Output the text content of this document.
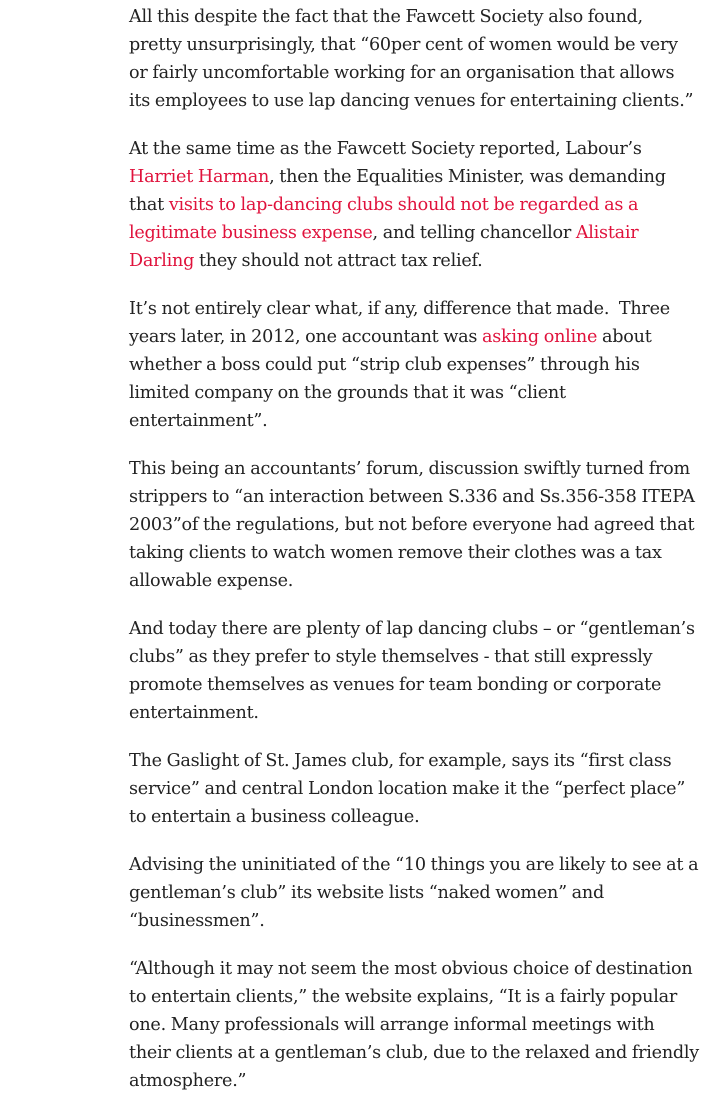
All this despite the fact that the Fawcett Society also found, pretty unsurprisingly, that “60per cent of women would be very or fairly uncomfortable working for an organisation that allows its employees to use lap dancing venues for entertaining clients.”

At the same time as the Fawcett Society reported, Labour’s Harriet Harman, then the Equalities Minister, was demanding that visits to lap-dancing clubs should not be regarded as a legitimate business expense, and telling chancellor Alistair Darling they should not attract tax relief.

It’s not entirely clear what, if any, difference that made.  Three years later, in 2012, one accountant was asking online about whether a boss could put “strip club expenses” through his limited company on the grounds that it was “client entertainment”.

This being an accountants’ forum, discussion swiftly turned from strippers to “an interaction between S.336 and Ss.356-358 ITEPA 2003”of the regulations, but not before everyone had agreed that taking clients to watch women remove their clothes was a tax allowable expense.

And today there are plenty of lap dancing clubs – or “gentleman’s clubs” as they prefer to style themselves - that still expressly promote themselves as venues for team bonding or corporate entertainment.

The Gaslight of St. James club, for example, says its “first class service” and central London location make it the “perfect place” to entertain a business colleague.

Advising the uninitiated of the “10 things you are likely to see at a gentleman’s club” its website lists “naked women” and “businessmen”.

“Although it may not seem the most obvious choice of destination to entertain clients,” the website explains, “It is a fairly popular one. Many professionals will arrange informal meetings with their clients at a gentleman’s club, due to the relaxed and friendly atmosphere.”
